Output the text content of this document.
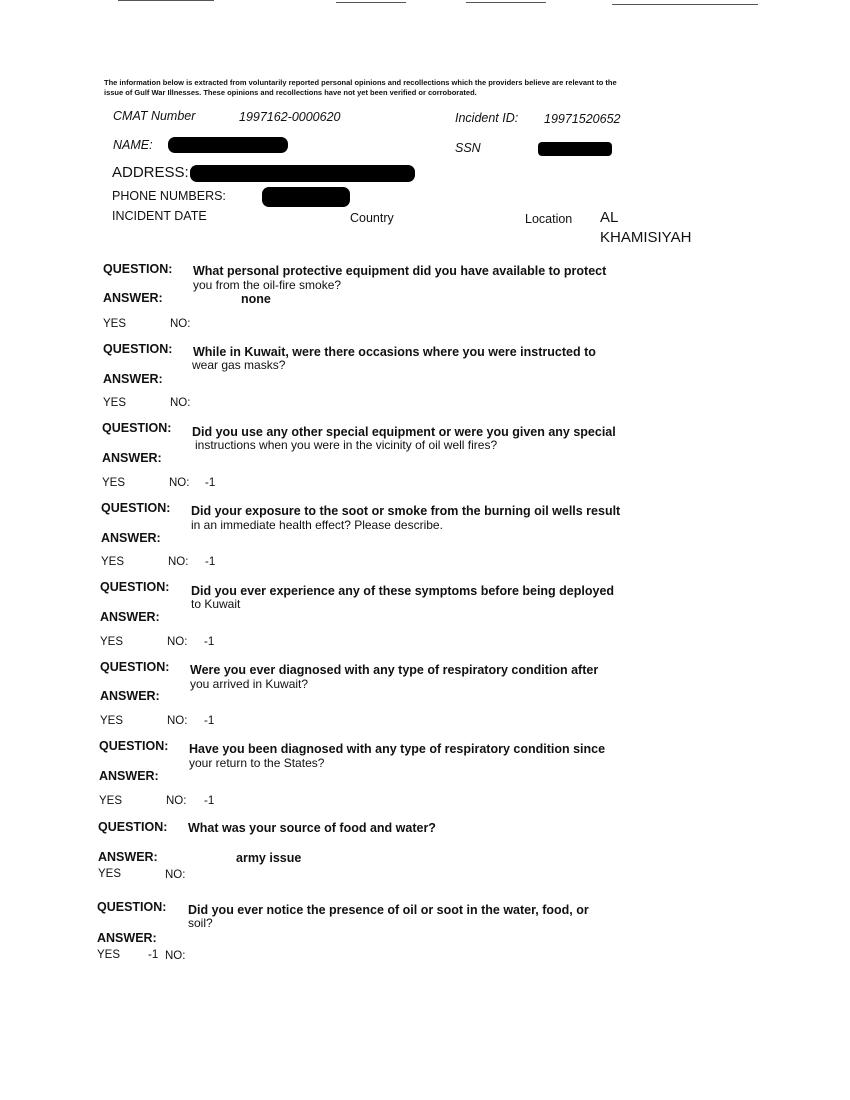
The information below is extracted from voluntarily reported personal opinions and recollections which the providers believe are relevant to the
issue of Gulf War Illnesses. These opinions and recollections have not yet been verified or corroborated.
CMAT Number	1997162-0000620	Incident ID: 19971520652
NAME:	SSN
ADDRESS:
PHONE NUMBERS:
INCIDENT DATE	Country	Location AL
KHAMISIYAH
QUESTION: What personal protective equipment did you have available to protect
you from the oil-fire smoke?
ANSWER:	none
YES	NO:
QUESTION: While in Kuwait, were there occasions where you were instructed to
wear gas masks?
ANSWER:
YES	NO:
QUESTION: Did you use any other special equipment or were you given any special
instructions when you were in the vicinity of oil well fires?
ANSWER:
YES	NO: -1
QUESTION: Did your exposure to the soot or smoke from the burning oil wells result
in an immediate health effect? Please describe.
ANSWER:
YES	NO: -1
QUESTION: Did you ever experience any of these symptoms before being deployed
to Kuwait
ANSWER:
YES	NO: -1
QUESTION: Were you ever diagnosed with any type of respiratory condition after
you arrived in Kuwait?
ANSWER:
YES	NO: -1
QUESTION: Have you been diagnosed with any type of respiratory condition since
your return to the States?
ANSWER:
YES	NO: -1
QUESTION: What was your source of food and water?
ANSWER:	army issue
YES	NO:
QUESTION: Did you ever notice the presence of oil or soot in the water, food, or
soil?
ANSWER:
YES -1 NO:
